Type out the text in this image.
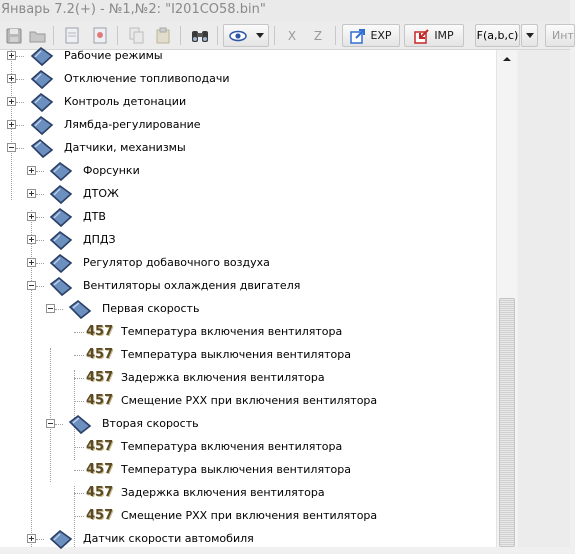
Январь 7.2(+) - №1,№2: "I201CO58.bin"
X Z	EXP	IMP F(a,b,c)	Инт
Рабочие режимы
Отключение топливоподачи
Контроль детонации
Лямбда-регулирование
Датчики, механизмы
Форсунки
ДТОЖ
ДТВ
ДПДЗ
Регулятор добавочного воздуха
Вентиляторы охлаждения двигателя
Первая скорость
457 Температура включения вентилятора
457 Температура выключения вентилятора
457 Задержка включения вентилятора
457 Смещение РХХ при включения вентилятора
Вторая скорость
457 Температура включения вентилятора
457 Температура выключения вентилятора
457 Задержка включения вентилятора
457 Смещение РХХ при включения вентилятора
Датчик скорости автомобиля
